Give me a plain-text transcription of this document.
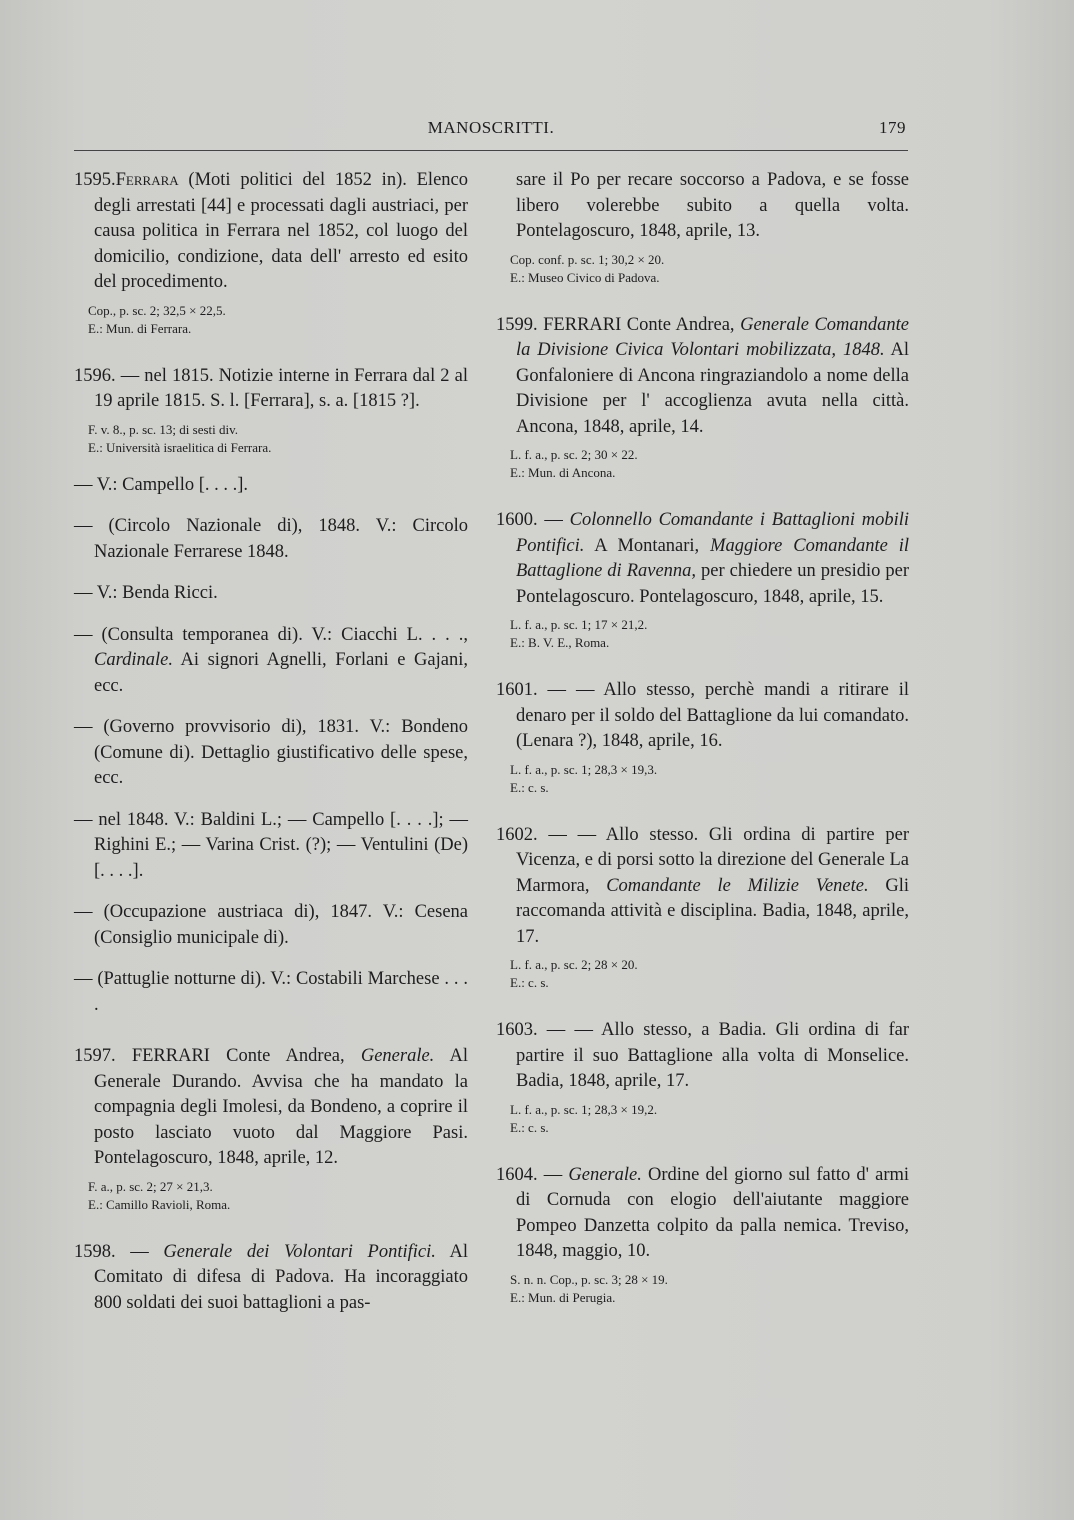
MANOSCRITTI.	179

1595.Ferrara (Moti politici del 1852 in). Elenco degli arrestati [44] e processati dagli austriaci, per causa politica in Ferrara nel 1852, col luogo del domicilio, condizione, data dell' arresto ed esito del procedimento.

Cop., p. sc. 2; 32,5 × 22,5.
E.: Mun. di Ferrara.

1596. — nel 1815. Notizie interne in Ferrara dal 2 al 19 aprile 1815. S. l. [Ferrara], s. a. [1815 ?].

F. v. 8., p. sc. 13; di sesti div.
E.: Università israelitica di Ferrara.

— V.: Campello [. . . .].

— (Circolo Nazionale di), 1848. V.: Circolo Nazionale Ferrarese 1848.

— V.: Benda Ricci.

— (Consulta temporanea di). V.: Ciacchi L. . . ., Cardinale. Ai signori Agnelli, Forlani e Gajani, ecc.

— (Governo provvisorio di), 1831. V.: Bondeno (Comune di). Dettaglio giustificativo delle spese, ecc.

— nel 1848. V.: Baldini L.; — Campello [. . . .]; — Righini E.; — Varina Crist. (?); — Ventulini (De) [. . . .].

— (Occupazione austriaca di), 1847. V.: Cesena (Consiglio municipale di).

— (Pattuglie notturne di). V.: Costabili Marchese . . . .

1597. FERRARI Conte Andrea, Generale. Al Generale Durando. Avvisa che ha mandato la compagnia degli Imolesi, da Bondeno, a coprire il posto lasciato vuoto dal Maggiore Pasi. Pontelagoscuro, 1848, aprile, 12.

F. a., p. sc. 2; 27 × 21,3.
E.: Camillo Ravioli, Roma.

1598. — Generale dei Volontari Pontifici. Al Comitato di difesa di Padova. Ha incoraggiato 800 soldati dei suoi battaglioni a pas-

sare il Po per recare soccorso a Padova, e se fosse libero volerebbe subito a quella volta. Pontelagoscuro, 1848, aprile, 13.

Cop. conf. p. sc. 1; 30,2 × 20.
E.: Museo Civico di Padova.

1599. FERRARI Conte Andrea, Generale Comandante la Divisione Civica Volontari mobilizzata, 1848. Al Gonfaloniere di Ancona ringraziandolo a nome della Divisione per l' accoglienza avuta nella città. Ancona, 1848, aprile, 14.

L. f. a., p. sc. 2; 30 × 22.
E.: Mun. di Ancona.

1600. — Colonnello Comandante i Battaglioni mobili Pontifici. A Montanari, Maggiore Comandante il Battaglione di Ravenna, per chiedere un presidio per Pontelagoscuro. Pontelagoscuro, 1848, aprile, 15.

L. f. a., p. sc. 1; 17 × 21,2.
E.: B. V. E., Roma.

1601. — — Allo stesso, perchè mandi a ritirare il denaro per il soldo del Battaglione da lui comandato. (Lenara ?), 1848, aprile, 16.

L. f. a., p. sc. 1; 28,3 × 19,3.
E.: c. s.

1602. — — Allo stesso. Gli ordina di partire per Vicenza, e di porsi sotto la direzione del Generale La Marmora, Comandante le Milizie Venete. Gli raccomanda attività e disciplina. Badia, 1848, aprile, 17.

L. f. a., p. sc. 2; 28 × 20.
E.: c. s.

1603. — — Allo stesso, a Badia. Gli ordina di far partire il suo Battaglione alla volta di Monselice. Badia, 1848, aprile, 17.

L. f. a., p. sc. 1; 28,3 × 19,2.
E.: c. s.

1604. — Generale. Ordine del giorno sul fatto d' armi di Cornuda con elogio dell'aiutante maggiore Pompeo Danzetta colpito da palla nemica. Treviso, 1848, maggio, 10.

S. n. n. Cop., p. sc. 3; 28 × 19.
E.: Mun. di Perugia.
